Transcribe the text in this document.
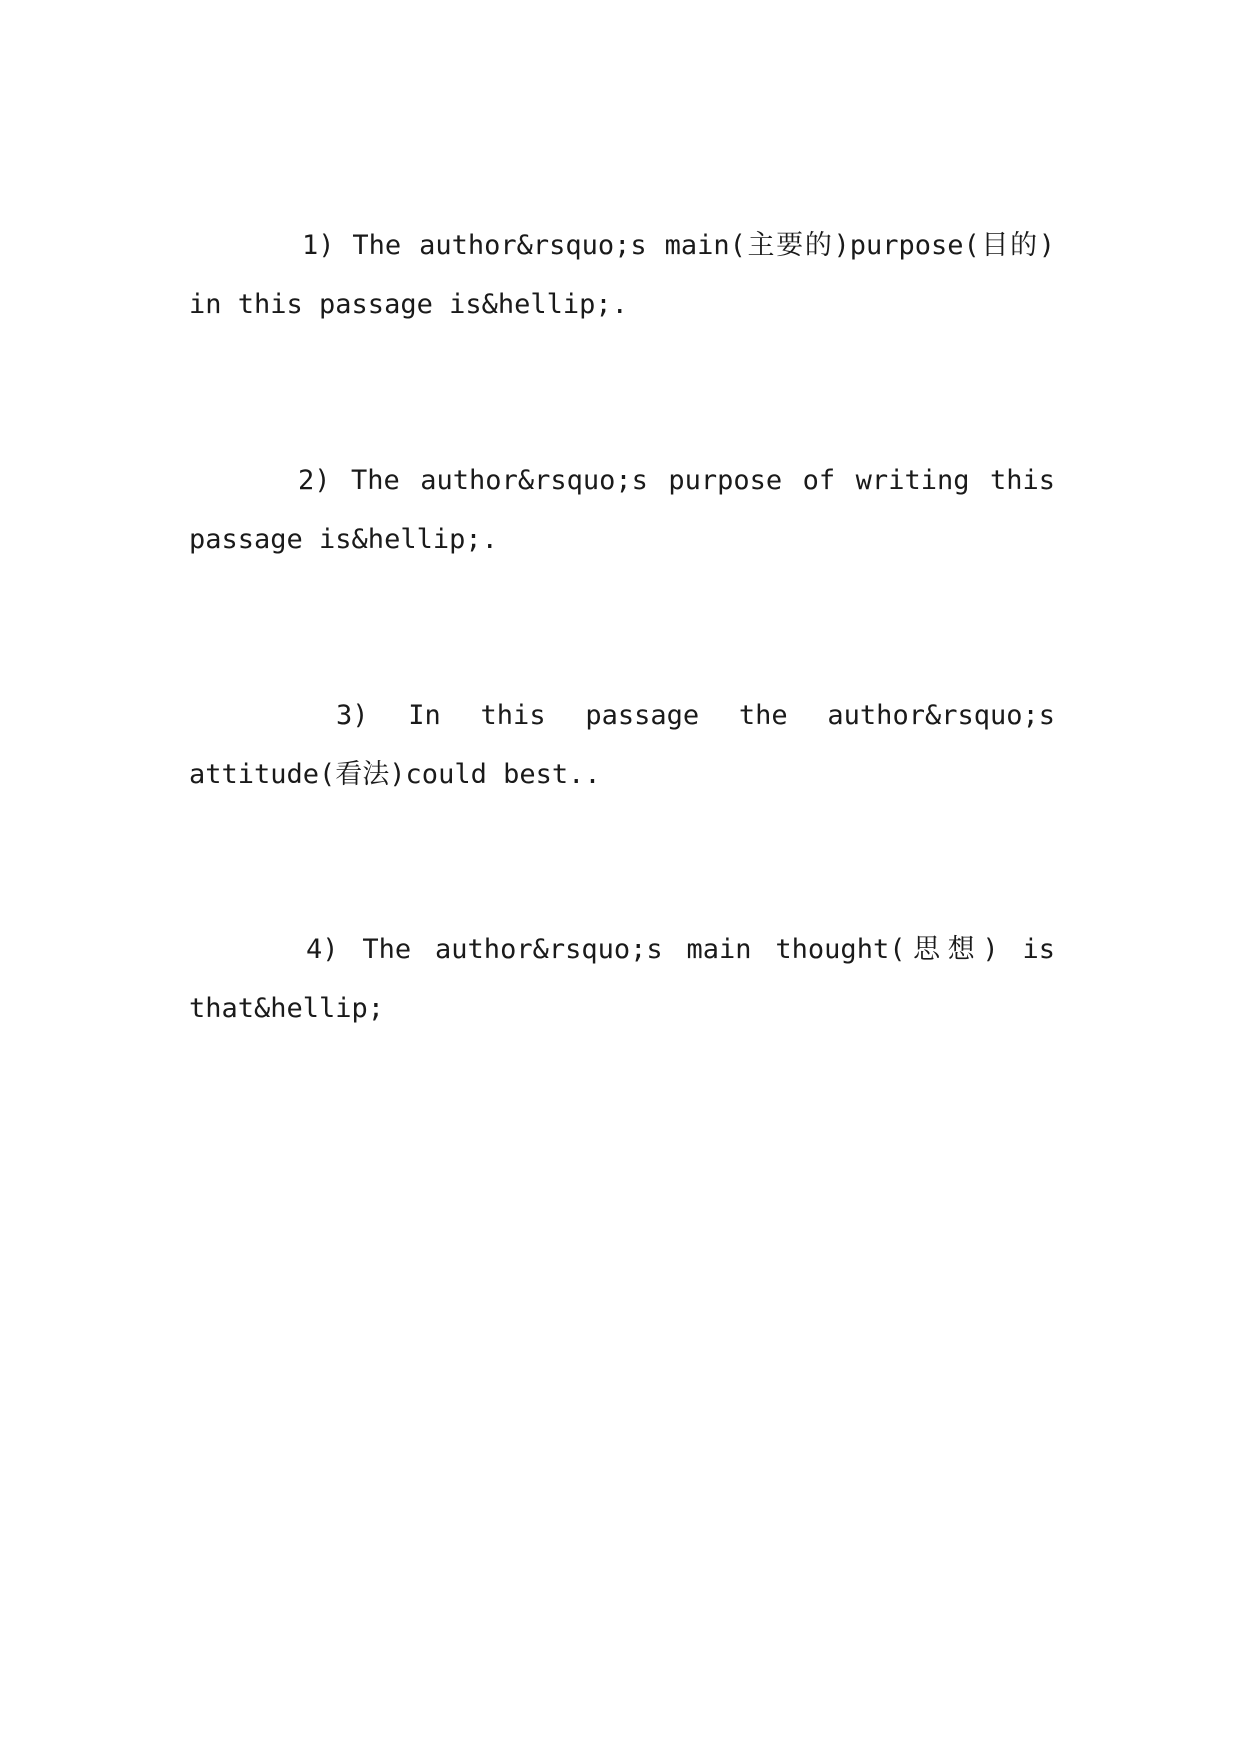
1) The author&rsquo;s main(主要的)purpose(目的) in this passage is&hellip;.

2) The author&rsquo;s purpose of writing this passage is&hellip;.

3) In this passage the author&rsquo;s attitude(看法)could best..

4) The author&rsquo;s main thought(思想) is that&hellip;
